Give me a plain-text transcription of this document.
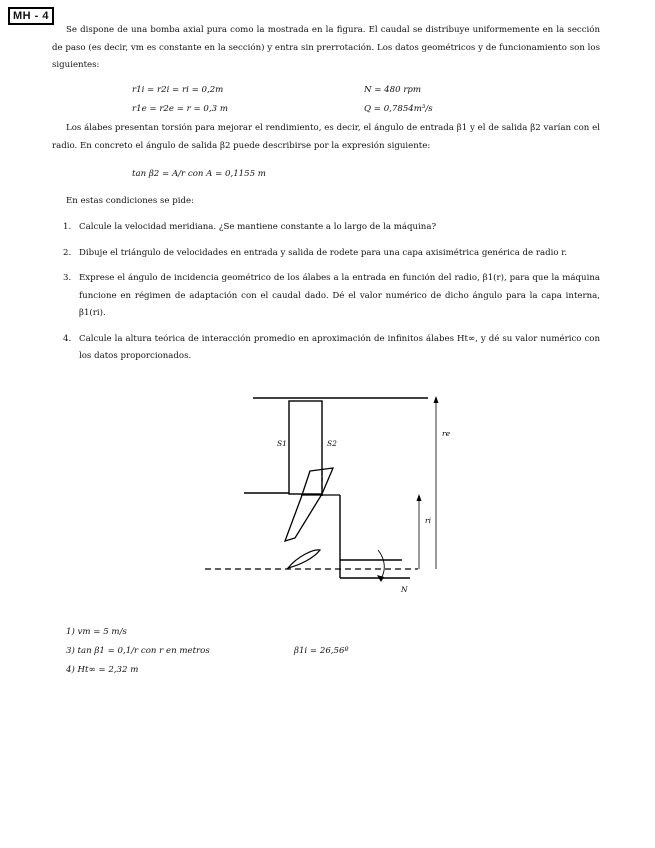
MH - 4
Se dispone de una bomba axial pura como la mostrada en la figura. El caudal se distribuye uniformemente en la sección de paso (es decir, vm es constante en la sección) y entra sin prerrotación. Los datos geométricos y de funcionamiento son los siguientes:
r1i = r2i = ri = 0,2m	N = 480 rpm
r1e = r2e = r = 0,3 m	Q = 0,7854m³/s
Los álabes presentan torsión para mejorar el rendimiento, es decir, el ángulo de entrada β1 y el de salida β2 varían con el radio. En concreto el ángulo de salida β2 puede describirse por la expresión siguiente:
tan β2 = A/r con A = 0,1155 m
En estas condiciones se pide:
1. Calcule la velocidad meridiana. ¿Se mantiene constante a lo largo de la máquina?
2. Dibuje el triángulo de velocidades en entrada y salida de rodete para una capa axisimétrica genérica de radio r.
3. Exprese el ángulo de incidencia geométrico de los álabes a la entrada en función del radio, β1(r), para que la máquina funcione en régimen de adaptación con el caudal dado. Dé el valor numérico de dicho ángulo para la capa interna, β1(ri).
4. Calcule la altura teórica de interacción promedio en aproximación de infinitos álabes Ht∞, y dé su valor numérico con los datos proporcionados.
S1	S2
re
ri
N
1) vm = 5 m/s
3) tan β1 = 0,1/r con r en metros	β1i = 26,56º
4) Ht∞ = 2,32 m
